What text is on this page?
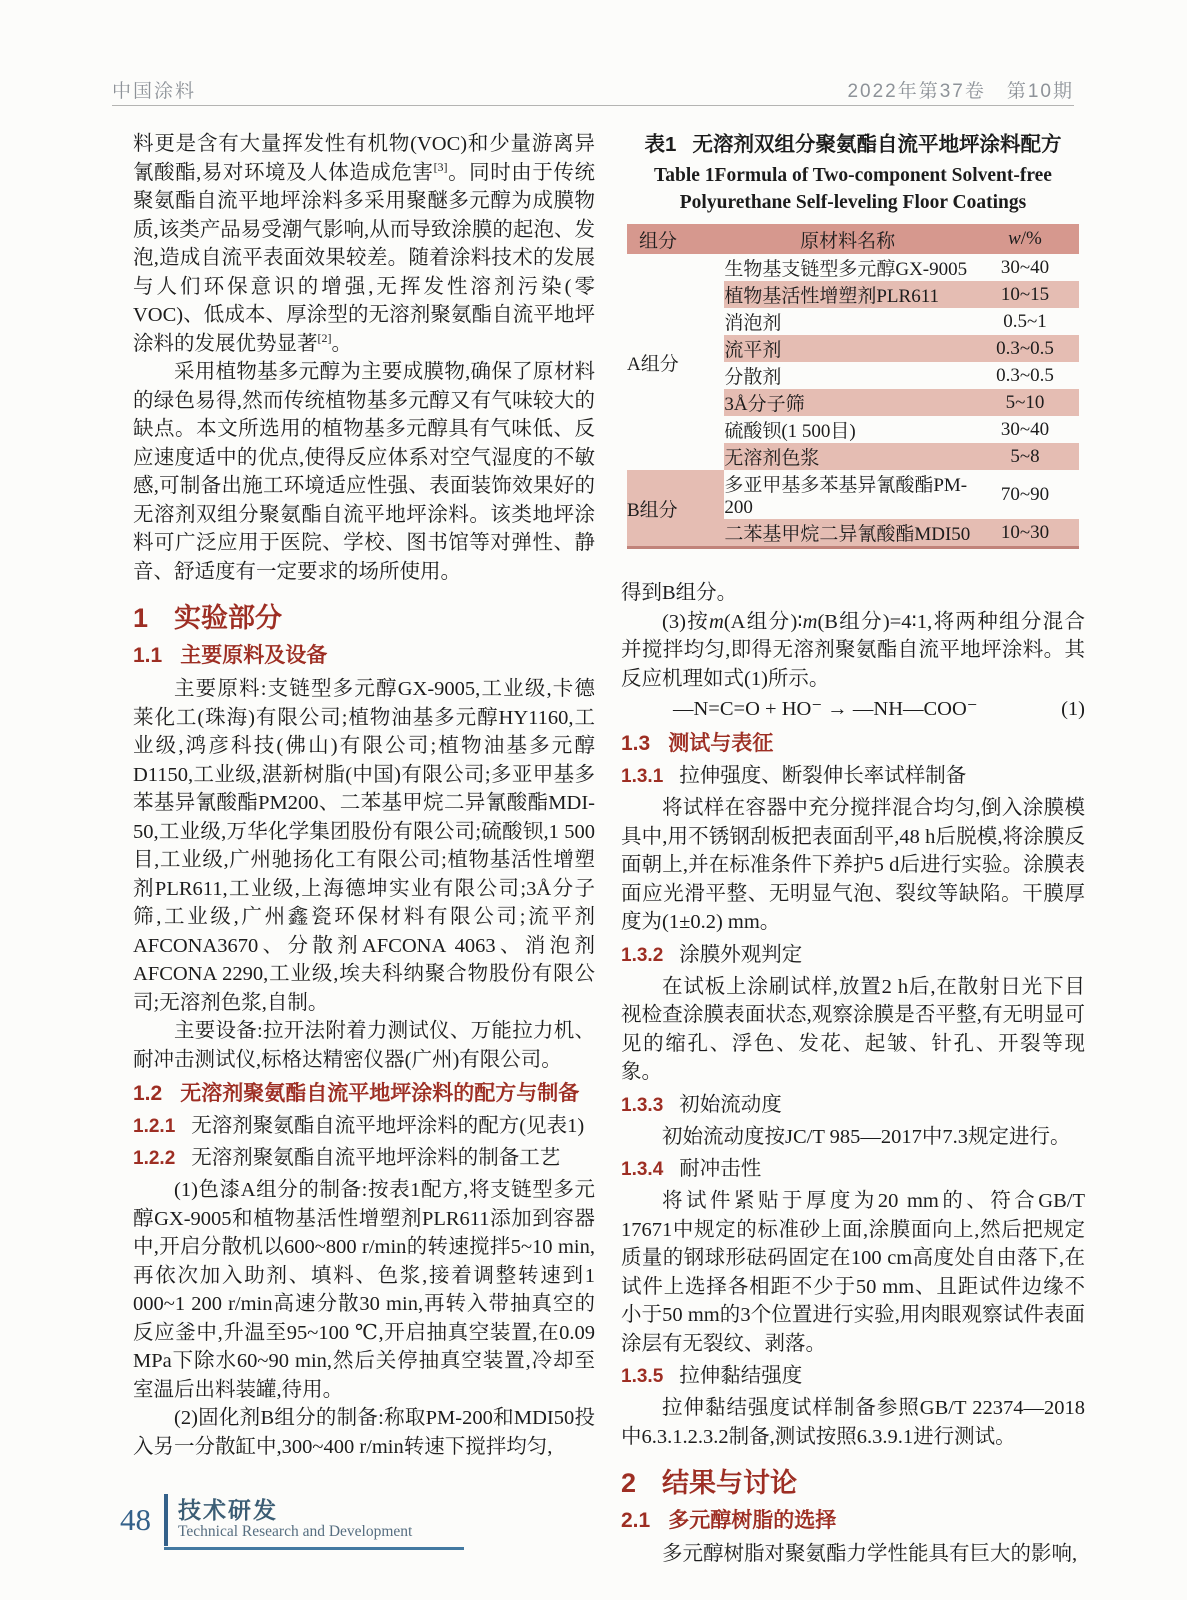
中国涂料	2022年第37卷　第10期

料更是含有大量挥发性有机物(VOC)和少量游离异氰酸酯,易对环境及人体造成危害[3]。同时由于传统聚氨酯自流平地坪涂料多采用聚醚多元醇为成膜物质,该类产品易受潮气影响,从而导致涂膜的起泡、发泡,造成自流平表面效果较差。随着涂料技术的发展与人们环保意识的增强,无挥发性溶剂污染(零VOC)、低成本、厚涂型的无溶剂聚氨酯自流平地坪涂料的发展优势显著[2]。

采用植物基多元醇为主要成膜物,确保了原材料的绿色易得,然而传统植物基多元醇又有气味较大的缺点。本文所选用的植物基多元醇具有气味低、反应速度适中的优点,使得反应体系对空气湿度的不敏感,可制备出施工环境适应性强、表面装饰效果好的无溶剂双组分聚氨酯自流平地坪涂料。该类地坪涂料可广泛应用于医院、学校、图书馆等对弹性、静音、舒适度有一定要求的场所使用。

1 实验部分

1.1 主要原料及设备

主要原料:支链型多元醇GX-9005,工业级,卡德莱化工(珠海)有限公司;植物油基多元醇HY1160,工业级,鸿彦科技(佛山)有限公司;植物油基多元醇D1150,工业级,湛新树脂(中国)有限公司;多亚甲基多苯基异氰酸酯PM200、二苯基甲烷二异氰酸酯MDI-50,工业级,万华化学集团股份有限公司;硫酸钡,1 500目,工业级,广州驰扬化工有限公司;植物基活性增塑剂PLR611,工业级,上海德坤实业有限公司;3Å分子筛,工业级,广州鑫瓷环保材料有限公司;流平剂AFCONA3670、分散剂AFCONA 4063、消泡剂AFCONA 2290,工业级,埃夫科纳聚合物股份有限公司;无溶剂色浆,自制。

主要设备:拉开法附着力测试仪、万能拉力机、耐冲击测试仪,标格达精密仪器(广州)有限公司。

1.2 无溶剂聚氨酯自流平地坪涂料的配方与制备

1.2.1 无溶剂聚氨酯自流平地坪涂料的配方(见表1)

1.2.2 无溶剂聚氨酯自流平地坪涂料的制备工艺

(1)色漆A组分的制备:按表1配方,将支链型多元醇GX-9005和植物基活性增塑剂PLR611添加到容器中,开启分散机以600~800 r/min的转速搅拌5~10 min,再依次加入助剂、填料、色浆,接着调整转速到1 000~1 200 r/min高速分散30 min,再转入带抽真空的反应釜中,升温至95~100 ℃,开启抽真空装置,在0.09 MPa下除水60~90 min,然后关停抽真空装置,冷却至室温后出料装罐,待用。

(2)固化剂B组分的制备:称取PM-200和MDI50投入另一分散缸中,300~400 r/min转速下搅拌均匀,

表1 无溶剂双组分聚氨酯自流平地坪涂料配方

Table 1Formula of Two-component Solvent-free
Polyurethane Self-leveling Floor Coatings

组分	原材料名称	w/%
A组分	生物基支链型多元醇GX-9005	30~40
	植物基活性增塑剂PLR611	10~15
	消泡剂	0.5~1
	流平剂	0.3~0.5
	分散剂	0.3~0.5
	3Å分子筛	5~10
	硫酸钡(1 500目)	30~40
	无溶剂色浆	5~8
B组分	多亚甲基多苯基异氰酸酯PM-200	70~90
	二苯基甲烷二异氰酸酯MDI50	10~30

得到B组分。

(3)按m(A组分)∶m(B组分)=4∶1,将两种组分混合并搅拌均匀,即得无溶剂聚氨酯自流平地坪涂料。其反应机理如式(1)所示。

—N=C=O + HO⁻ → —NH—COO⁻	(1)

1.3 测试与表征

1.3.1 拉伸强度、断裂伸长率试样制备

将试样在容器中充分搅拌混合均匀,倒入涂膜模具中,用不锈钢刮板把表面刮平,48 h后脱模,将涂膜反面朝上,并在标准条件下养护5 d后进行实验。涂膜表面应光滑平整、无明显气泡、裂纹等缺陷。干膜厚度为(1±0.2) mm。

1.3.2 涂膜外观判定

在试板上涂刷试样,放置2 h后,在散射日光下目视检查涂膜表面状态,观察涂膜是否平整,有无明显可见的缩孔、浮色、发花、起皱、针孔、开裂等现象。

1.3.3 初始流动度

初始流动度按JC/T 985—2017中7.3规定进行。

1.3.4 耐冲击性

将试件紧贴于厚度为20 mm的、符合GB/T 17671中规定的标准砂上面,涂膜面向上,然后把规定质量的钢球形砝码固定在100 cm高度处自由落下,在试件上选择各相距不少于50 mm、且距试件边缘不小于50 mm的3个位置进行实验,用肉眼观察试件表面涂层有无裂纹、剥落。

1.3.5 拉伸黏结强度

拉伸黏结强度试样制备参照GB/T 22374—2018中6.3.1.2.3.2制备,测试按照6.3.9.1进行测试。

2 结果与讨论

2.1 多元醇树脂的选择

多元醇树脂对聚氨酯力学性能具有巨大的影响,

48 技术研发
Technical Research and Development
